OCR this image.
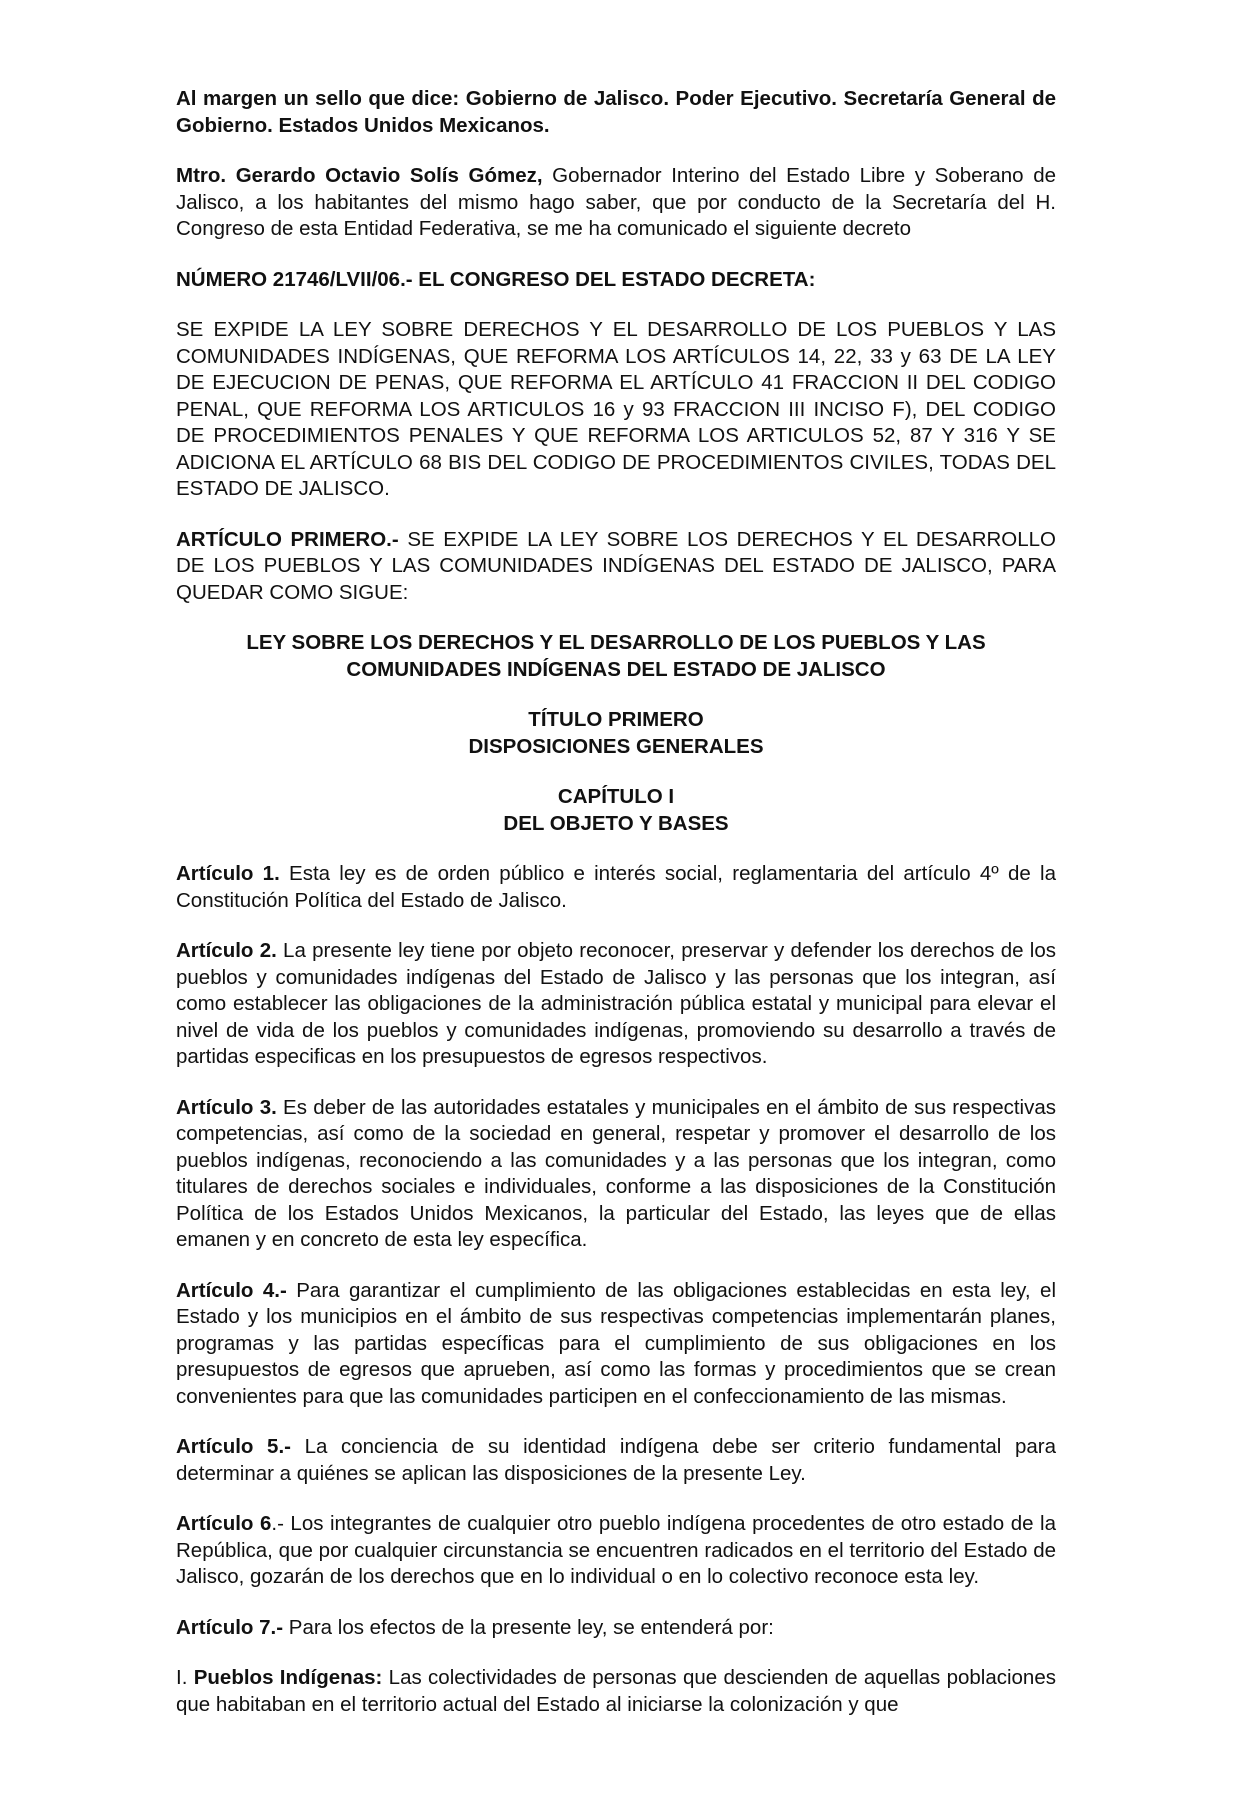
Al margen un sello que dice: Gobierno de Jalisco. Poder Ejecutivo. Secretaría General de Gobierno. Estados Unidos Mexicanos.

Mtro. Gerardo Octavio Solís Gómez, Gobernador Interino del Estado Libre y Soberano de Jalisco, a los habitantes del mismo hago saber, que por conducto de la Secretaría del H. Congreso de esta Entidad Federativa, se me ha comunicado el siguiente decreto

NÚMERO 21746/LVII/06.- EL CONGRESO DEL ESTADO DECRETA:

SE EXPIDE LA LEY SOBRE DERECHOS Y EL DESARROLLO DE LOS PUEBLOS Y LAS COMUNIDADES INDÍGENAS, QUE REFORMA LOS ARTÍCULOS 14, 22, 33 y 63 DE LA LEY DE EJECUCION DE PENAS, QUE REFORMA EL ARTÍCULO 41 FRACCION II DEL CODIGO PENAL, QUE REFORMA LOS ARTICULOS 16 y 93 FRACCION III INCISO F), DEL CODIGO DE PROCEDIMIENTOS PENALES Y QUE REFORMA LOS ARTICULOS 52, 87 Y 316 Y SE ADICIONA EL ARTÍCULO 68 BIS DEL CODIGO DE PROCEDIMIENTOS CIVILES, TODAS DEL ESTADO DE JALISCO.

ARTÍCULO PRIMERO.- SE EXPIDE LA LEY SOBRE LOS DERECHOS Y EL DESARROLLO DE LOS PUEBLOS Y LAS COMUNIDADES INDÍGENAS DEL ESTADO DE JALISCO, PARA QUEDAR COMO SIGUE:

LEY SOBRE LOS DERECHOS Y EL DESARROLLO DE LOS PUEBLOS Y LAS
COMUNIDADES INDÍGENAS DEL ESTADO DE JALISCO
TÍTULO PRIMERO
DISPOSICIONES GENERALES
CAPÍTULO I
DEL OBJETO Y BASES

Artículo 1. Esta ley es de orden público e interés social, reglamentaria del artículo 4º de la Constitución Política del Estado de Jalisco.

Artículo 2. La presente ley tiene por objeto reconocer, preservar y defender los derechos de los pueblos y comunidades indígenas del Estado de Jalisco y las personas que los integran, así como establecer las obligaciones de la administración pública estatal y municipal para elevar el nivel de vida de los pueblos y comunidades indígenas, promoviendo su desarrollo a través de partidas especificas en los presupuestos de egresos respectivos.

Artículo 3. Es deber de las autoridades estatales y municipales en el ámbito de sus respectivas competencias, así como de la sociedad en general, respetar y promover el desarrollo de los pueblos indígenas, reconociendo a las comunidades y a las personas que los integran, como titulares de derechos sociales e individuales, conforme a las disposiciones de la Constitución Política de los Estados Unidos Mexicanos, la particular del Estado, las leyes que de ellas emanen y en concreto de esta ley específica.

Artículo 4.- Para garantizar el cumplimiento de las obligaciones establecidas en esta ley, el Estado y los municipios en el ámbito de sus respectivas competencias implementarán planes, programas y las partidas específicas para el cumplimiento de sus obligaciones en los presupuestos de egresos que aprueben, así como las formas y procedimientos que se crean convenientes para que las comunidades participen en el confeccionamiento de las mismas.

Artículo 5.- La conciencia de su identidad indígena debe ser criterio fundamental para determinar a quiénes se aplican las disposiciones de la presente Ley.

Artículo 6.- Los integrantes de cualquier otro pueblo indígena procedentes de otro estado de la República, que por cualquier circunstancia se encuentren radicados en el territorio del Estado de Jalisco, gozarán de los derechos que en lo individual o en lo colectivo reconoce esta ley.

Artículo 7.- Para los efectos de la presente ley, se entenderá por:

I. Pueblos Indígenas: Las colectividades de personas que descienden de aquellas poblaciones que habitaban en el territorio actual del Estado al iniciarse la colonización y que
